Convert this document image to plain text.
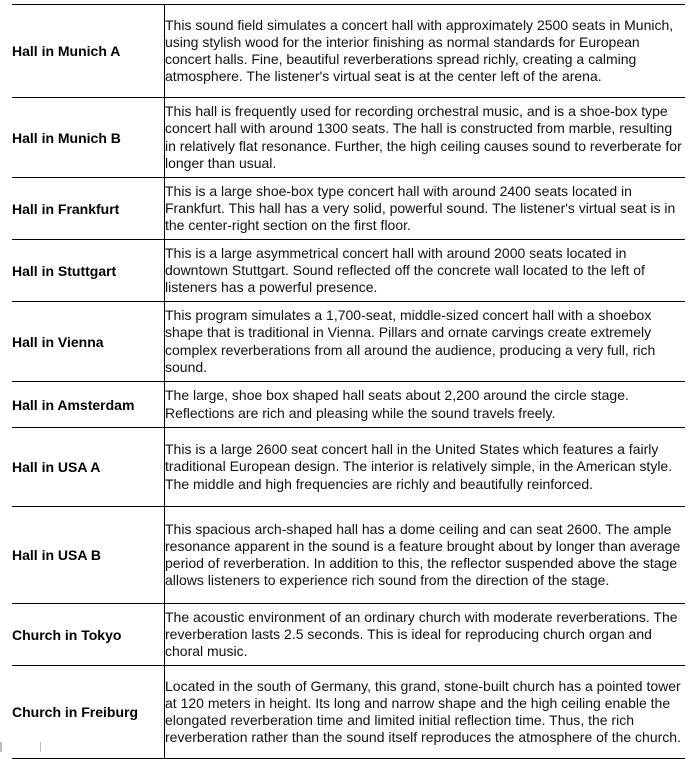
Hall in Munich A	This sound field simulates a concert hall with approximately 2500 seats in Munich, using stylish wood for the interior finishing as normal standards for European concert halls. Fine, beautiful reverberations spread richly, creating a calming atmosphere. The listener's virtual seat is at the center left of the arena.
Hall in Munich B	This hall is frequently used for recording orchestral music, and is a shoe-box type concert hall with around 1300 seats. The hall is constructed from marble, resulting in relatively flat resonance. Further, the high ceiling causes sound to reverberate for longer than usual.
Hall in Frankfurt	This is a large shoe-box type concert hall with around 2400 seats located in Frankfurt. This hall has a very solid, powerful sound. The listener's virtual seat is in the center-right section on the first floor.
Hall in Stuttgart	This is a large asymmetrical concert hall with around 2000 seats located in downtown Stuttgart. Sound reflected off the concrete wall located to the left of listeners has a powerful presence.
Hall in Vienna	This program simulates a 1,700-seat, middle-sized concert hall with a shoebox shape that is traditional in Vienna. Pillars and ornate carvings create extremely complex reverberations from all around the audience, producing a very full, rich sound.
Hall in Amsterdam	The large, shoe box shaped hall seats about 2,200 around the circle stage. Reflections are rich and pleasing while the sound travels freely.
Hall in USA A	This is a large 2600 seat concert hall in the United States which features a fairly traditional European design. The interior is relatively simple, in the American style. The middle and high frequencies are richly and beautifully reinforced.
Hall in USA B	This spacious arch-shaped hall has a dome ceiling and can seat 2600. The ample resonance apparent in the sound is a feature brought about by longer than average period of reverberation. In addition to this, the reflector suspended above the stage allows listeners to experience rich sound from the direction of the stage.
Church in Tokyo	The acoustic environment of an ordinary church with moderate reverberations. The reverberation lasts 2.5 seconds. This is ideal for reproducing church organ and choral music.
Church in Freiburg	Located in the south of Germany, this grand, stone-built church has a pointed tower at 120 meters in height. Its long and narrow shape and the high ceiling enable the elongated reverberation time and limited initial reflection time. Thus, the rich reverberation rather than the sound itself reproduces the atmosphere of the church.
